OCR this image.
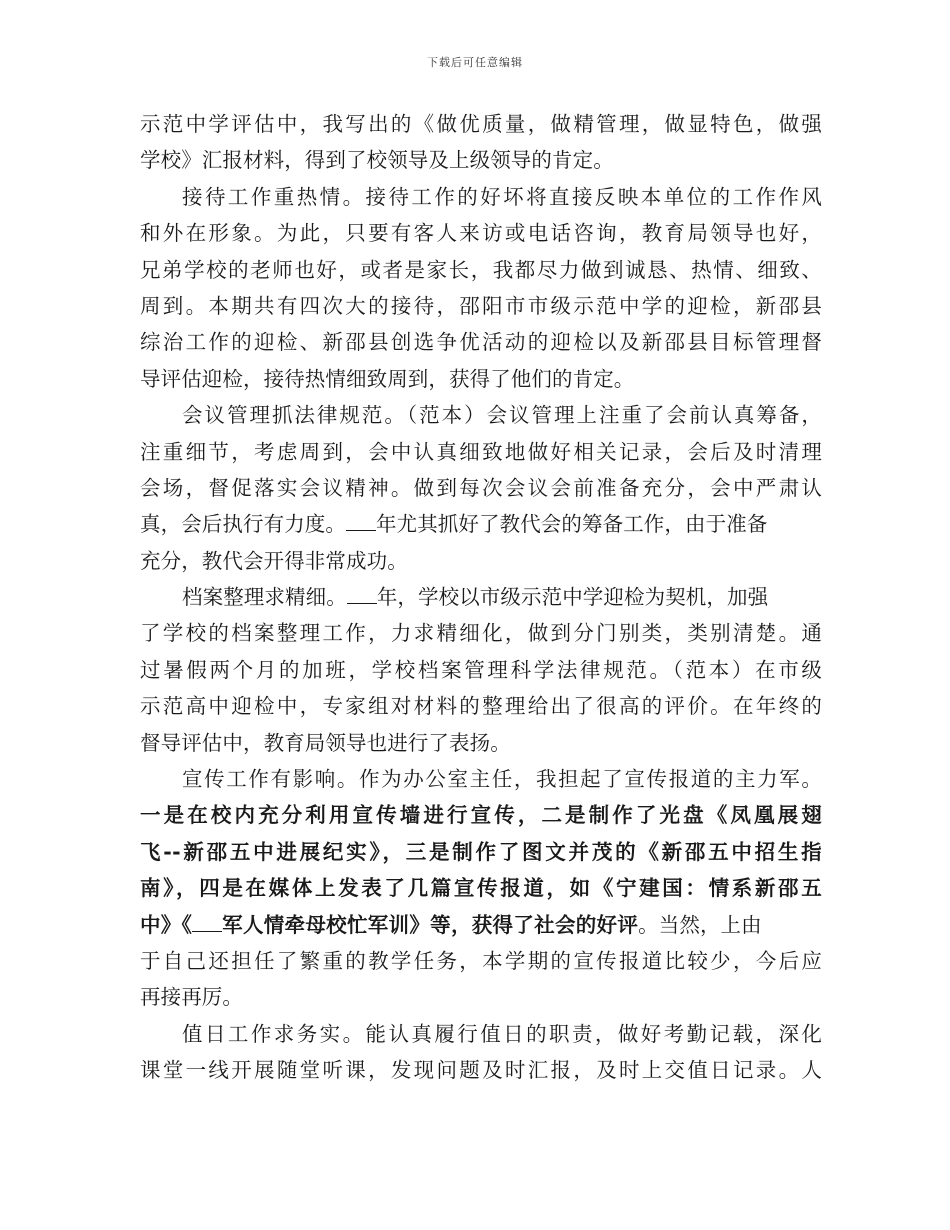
下载后可任意编辑
示范中学评估中，我写出的《做优质量，做精管理，做显特色，做强
学校》汇报材料，得到了校领导及上级领导的肯定。
接待工作重热情。接待工作的好坏将直接反映本单位的工作作风
和外在形象。为此，只要有客人来访或电话咨询，教育局领导也好，
兄弟学校的老师也好，或者是家长，我都尽力做到诚恳、热情、细致、
周到。本期共有四次大的接待，邵阳市市级示范中学的迎检，新邵县
综治工作的迎检、新邵县创选争优活动的迎检以及新邵县目标管理督
导评估迎检，接待热情细致周到，获得了他们的肯定。
会议管理抓法律规范。（范本）会议管理上注重了会前认真筹备，
注重细节，考虑周到，会中认真细致地做好相关记录，会后及时清理
会场，督促落实会议精神。做到每次会议会前准备充分，会中严肃认
真，会后执行有力度。 年尤其抓好了教代会的筹备工作，由于准备
充分，教代会开得非常成功。
档案整理求精细。 年，学校以市级示范中学迎检为契机，加强
了学校的档案整理工作，力求精细化，做到分门别类，类别清楚。通
过暑假两个月的加班，学校档案管理科学法律规范。（范本）在市级
示范高中迎检中，专家组对材料的整理给出了很高的评价。在年终的
督导评估中，教育局领导也进行了表扬。
宣传工作有影响。作为办公室主任，我担起了宣传报道的主力军。
一是在校内充分利用宣传墙进行宣传，二是制作了光盘《凤凰展翅
飞--新邵五中进展纪实》，三是制作了图文并茂的《新邵五中招生指
南》，四是在媒体上发表了几篇宣传报道，如《宁建国：情系新邵五
中》《 军人情牵母校忙军训》等，获得了社会的好评。当然，上由
于自己还担任了繁重的教学任务，本学期的宣传报道比较少，今后应
再接再厉。
值日工作求务实。能认真履行值日的职责，做好考勤记载，深化
课堂一线开展随堂听课，发现问题及时汇报，及时上交值日记录。人
